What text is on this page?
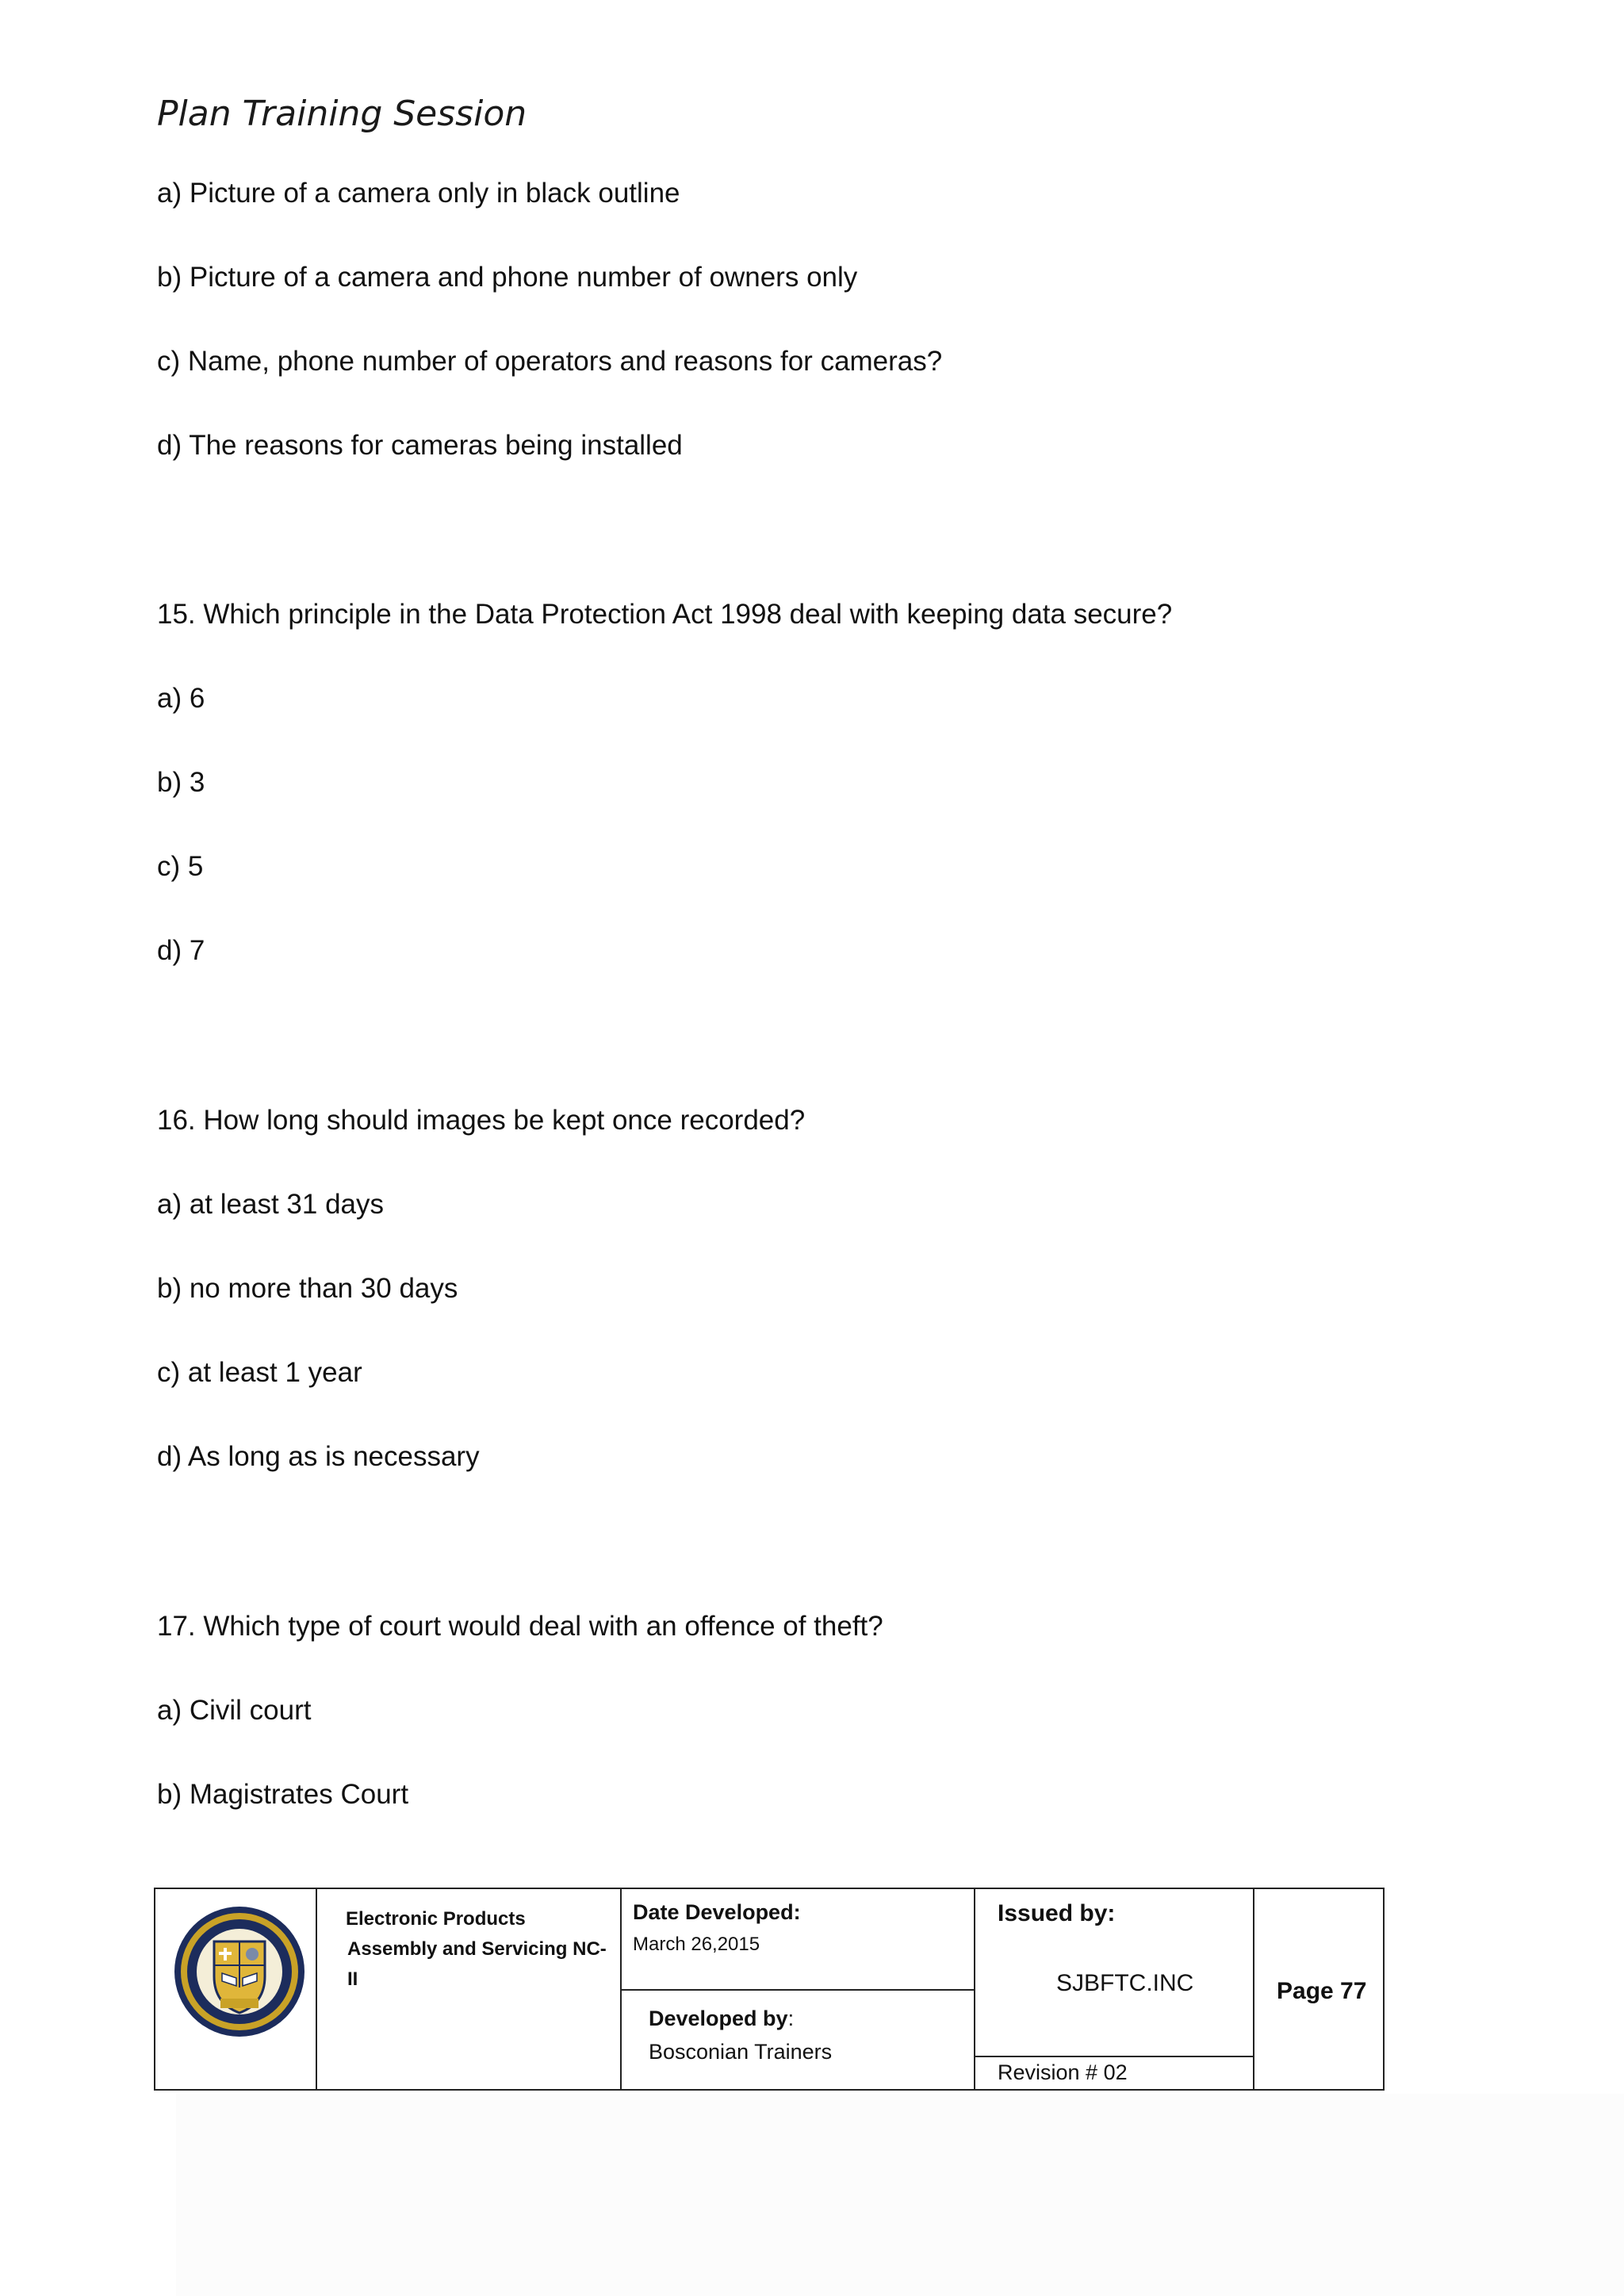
Plan Training Session
a) Picture of a camera only in black outline
b) Picture of a camera and phone number of owners only
c) Name, phone number of operators and reasons for cameras?
d) The reasons for cameras being installed
15. Which principle in the Data Protection Act 1998 deal with keeping data secure?
a) 6
b) 3
c) 5
d) 7
16. How long should images be kept once recorded?
a) at least 31 days
b) no more than 30 days
c) at least 1 year
d) As long as is necessary
17. Which type of court would deal with an offence of theft?
a) Civil court
b) Magistrates Court
Electronic Products
Assembly and Servicing NC-
II
Date Developed:
March 26,2015
Developed by:
Bosconian Trainers
Issued by:
SJBFTC.INC
Revision # 02
Page 77
